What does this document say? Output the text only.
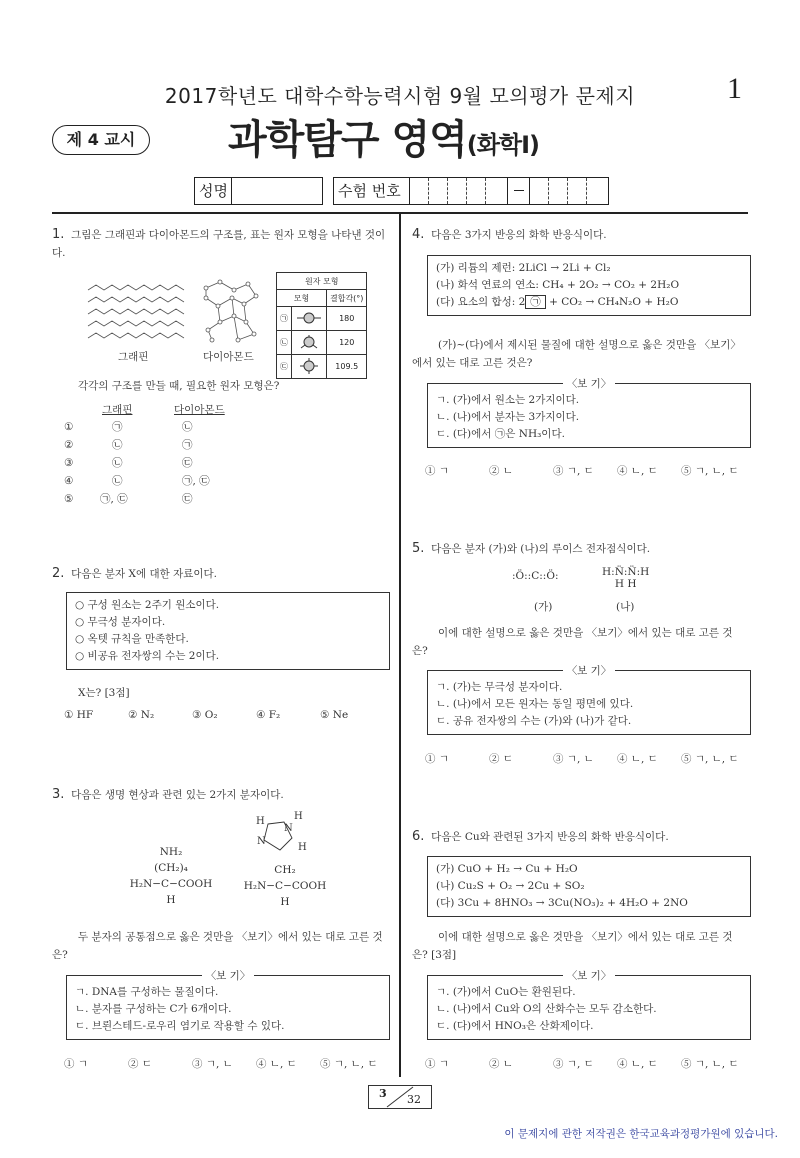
2017학년도 대학수학능력시험 9월 모의평가 문제지	1
제 4 교시	과학탐구 영역(화학Ⅰ)
성명	수험 번호
1. 그림은 그래핀과 다이아몬드의 구조를, 표는 원자 모형을 나타낸 것이다.
그래핀	다이아몬드
원자 모형		
모형		결합각(°)
㉠		180
㉡		120
㉢		109.5
각각의 구조를 만들 때, 필요한 원자 모형은?
그래핀	다이아몬드
①	㉠	㉡
②	㉡	㉠
③	㉡	㉢
④	㉡	㉠, ㉢
⑤	㉠, ㉢	㉢
2. 다음은 분자 X에 대한 자료이다.
○ 구성 원소는 2주기 원소이다.
○ 무극성 분자이다.
○ 옥텟 규칙을 만족한다.
○ 비공유 전자쌍의 수는 2이다.
X는? [3점]
① HF	② N₂	③ O₂	④ F₂	⑤ Ne
3. 다음은 생명 현상과 관련 있는 2가지 분자이다.
NH₂
(CH₂)₄
H₂N−C−COOH
H
H	H
N
N
H
CH₂
H₂N−C−COOH
H
두 분자의 공통점으로 옳은 것만을 〈보기〉에서 있는 대로 고른 것은?
〈보 기〉
ㄱ. DNA를 구성하는 물질이다.
ㄴ. 분자를 구성하는 C가 6개이다.
ㄷ. 브뢴스테드-로우리 염기로 작용할 수 있다.
① ㄱ	② ㄷ	③ ㄱ, ㄴ ④ ㄴ, ㄷ ⑤ ㄱ, ㄴ, ㄷ
4. 다음은 3가지 반응의 화학 반응식이다.
(가) 리튬의 제런: 2LiCl → 2Li + Cl₂
(나) 화석 연료의 연소: CH₄ + 2O₂ → CO₂ + 2H₂O
(다) 요소의 합성: 2 ㉠ + CO₂ → CH₄N₂O + H₂O
(가)~(다)에서 제시된 물질에 대한 설명으로 옳은 것만을 〈보기〉에서 있는 대로 고른 것은?
〈보 기〉
ㄱ. (가)에서 원소는 2가지이다.
ㄴ. (나)에서 분자는 3가지이다.
ㄷ. (다)에서 ㉠은 NH₃이다.
① ㄱ	② ㄴ	③ ㄱ, ㄷ ④ ㄴ, ㄷ ⑤ ㄱ, ㄴ, ㄷ
5. 다음은 분자 (가)와 (나)의 루이스 전자점식이다.
:Ö::C::Ö:	H:N̈:N̈:H
H H
(가)	(나)
이에 대한 설명으로 옳은 것만을 〈보기〉에서 있는 대로 고른 것은?
〈보 기〉
ㄱ. (가)는 무극성 분자이다.
ㄴ. (나)에서 모든 원자는 동일 평면에 있다.
ㄷ. 공유 전자쌍의 수는 (가)와 (나)가 같다.
① ㄱ	② ㄷ	③ ㄱ, ㄴ ④ ㄴ, ㄷ ⑤ ㄱ, ㄴ, ㄷ
6. 다음은 Cu와 관련된 3가지 반응의 화학 반응식이다.
(가) CuO + H₂ → Cu + H₂O
(나) Cu₂S + O₂ → 2Cu + SO₂
(다) 3Cu + 8HNO₃ → 3Cu(NO₃)₂ + 4H₂O + 2NO
이에 대한 설명으로 옳은 것만을 〈보기〉에서 있는 대로 고른 것은? [3점]
〈보 기〉
ㄱ. (가)에서 CuO는 환원된다.
ㄴ. (나)에서 Cu와 O의 산화수는 모두 감소한다.
ㄷ. (다)에서 HNO₃은 산화제이다.
① ㄱ	② ㄴ	③ ㄱ, ㄷ ④ ㄴ, ㄷ ⑤ ㄱ, ㄴ, ㄷ
3 32
이 문제지에 관한 저작권은 한국교육과정평가원에 있습니다.
